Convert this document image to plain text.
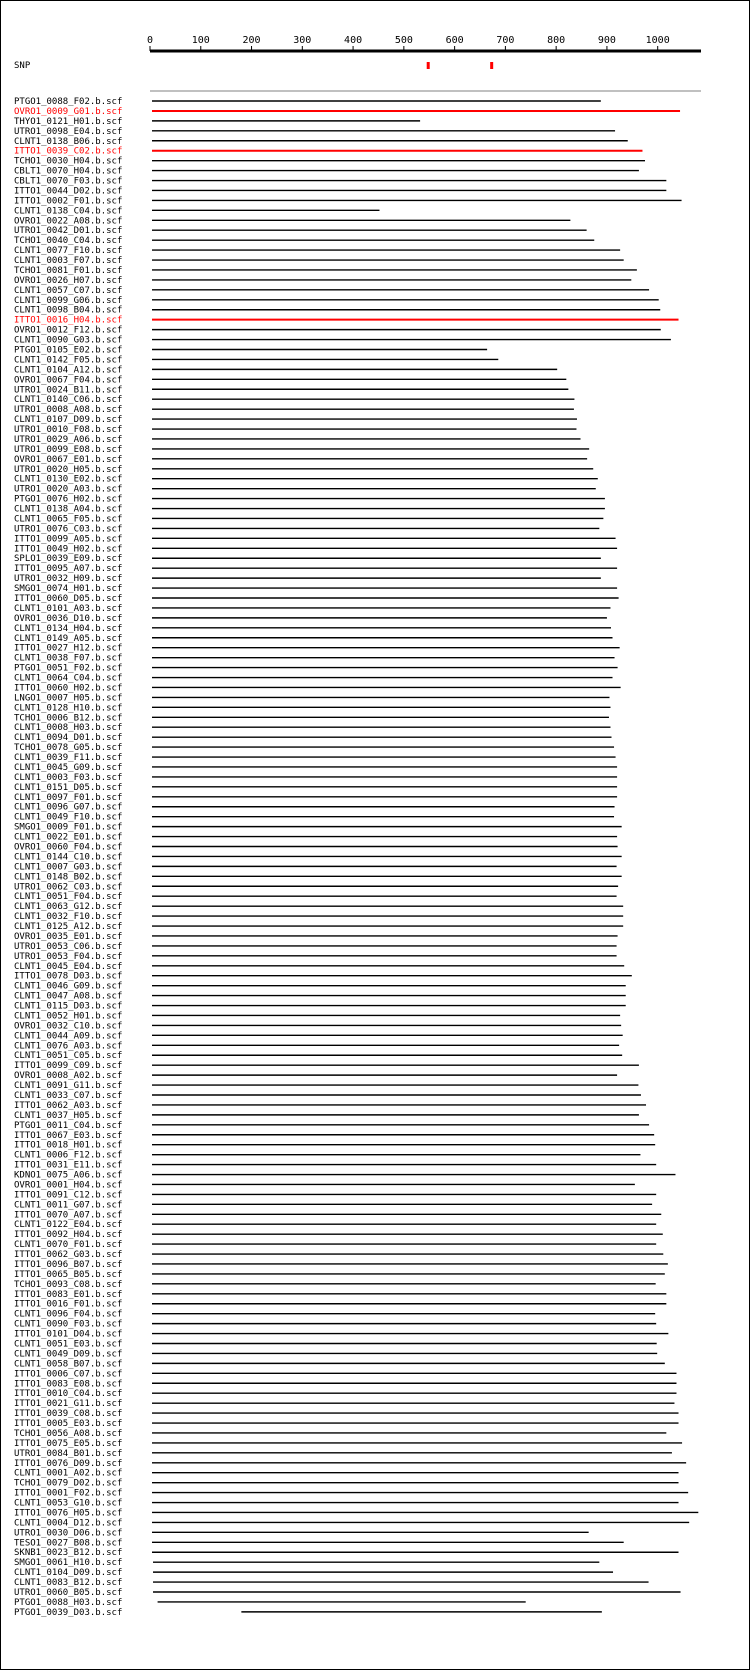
0	100	200	300	400	500	600	700	800	900	1000
SNP
PTGO1_0088_F02.b.scf
OVRO1_0009_G01.b.scf
THYO1_0121_H01.b.scf
UTRO1_0098_E04.b.scf
CLNT1_0138_B06.b.scf
ITTO1_0039_C02.b.scf
TCHO1_0030_H04.b.scf
CBLT1_0070_H04.b.scf
CBLT1_0070_F03.b.scf
ITTO1_0044_D02.b.scf
ITTO1_0002_F01.b.scf
CLNT1_0138_C04.b.scf
OVRO1_0022_A08.b.scf
UTRO1_0042_D01.b.scf
TCHO1_0040_C04.b.scf
CLNT1_0077_F10.b.scf
CLNT1_0003_F07.b.scf
TCHO1_0081_F01.b.scf
OVRO1_0026_H07.b.scf
CLNT1_0057_C07.b.scf
CLNT1_0099_G06.b.scf
CLNT1_0098_B04.b.scf
ITTO1_0016_H04.b.scf
OVRO1_0012_F12.b.scf
CLNT1_0090_G03.b.scf
PTGO1_0105_E02.b.scf
CLNT1_0142_F05.b.scf
CLNT1_0104_A12.b.scf
OVRO1_0067_F04.b.scf
UTRO1_0024_B11.b.scf
CLNT1_0140_C06.b.scf
UTRO1_0008_A08.b.scf
CLNT1_0107_D09.b.scf
UTRO1_0010_F08.b.scf
UTRO1_0029_A06.b.scf
UTRO1_0099_E08.b.scf
OVRO1_0067_E01.b.scf
UTRO1_0020_H05.b.scf
CLNT1_0130_E02.b.scf
UTRO1_0020_A03.b.scf
PTGO1_0076_H02.b.scf
CLNT1_0138_A04.b.scf
CLNT1_0065_F05.b.scf
UTRO1_0076_C03.b.scf
ITTO1_0099_A05.b.scf
ITTO1_0049_H02.b.scf
SPLO1_0039_E09.b.scf
ITTO1_0095_A07.b.scf
UTRO1_0032_H09.b.scf
SMGO1_0074_H01.b.scf
ITTO1_0060_D05.b.scf
CLNT1_0101_A03.b.scf
OVRO1_0036_D10.b.scf
CLNT1_0134_H04.b.scf
CLNT1_0149_A05.b.scf
ITTO1_0027_H12.b.scf
CLNT1_0038_F07.b.scf
PTGO1_0051_F02.b.scf
CLNT1_0064_C04.b.scf
ITTO1_0060_H02.b.scf
LNGO1_0007_H05.b.scf
CLNT1_0128_H10.b.scf
TCHO1_0006_B12.b.scf
CLNT1_0008_H03.b.scf
CLNT1_0094_D01.b.scf
TCHO1_0078_G05.b.scf
CLNT1_0039_F11.b.scf
CLNT1_0045_G09.b.scf
CLNT1_0003_F03.b.scf
CLNT1_0151_D05.b.scf
CLNT1_0097_F01.b.scf
CLNT1_0096_G07.b.scf
CLNT1_0049_F10.b.scf
SMGO1_0009_F01.b.scf
CLNT1_0022_E01.b.scf
OVRO1_0060_F04.b.scf
CLNT1_0144_C10.b.scf
CLNT1_0007_G03.b.scf
CLNT1_0148_B02.b.scf
UTRO1_0062_C03.b.scf
CLNT1_0051_F04.b.scf
CLNT1_0063_G12.b.scf
CLNT1_0032_F10.b.scf
CLNT1_0125_A12.b.scf
OVRO1_0035_E01.b.scf
UTRO1_0053_C06.b.scf
UTRO1_0053_F04.b.scf
CLNT1_0045_E04.b.scf
ITTO1_0078_D03.b.scf
CLNT1_0046_G09.b.scf
CLNT1_0047_A08.b.scf
CLNT1_0115_D03.b.scf
CLNT1_0052_H01.b.scf
OVRO1_0032_C10.b.scf
CLNT1_0044_A09.b.scf
CLNT1_0076_A03.b.scf
CLNT1_0051_C05.b.scf
ITTO1_0099_C09.b.scf
OVRO1_0008_A02.b.scf
CLNT1_0091_G11.b.scf
CLNT1_0033_C07.b.scf
ITTO1_0062_A03.b.scf
CLNT1_0037_H05.b.scf
PTGO1_0011_C04.b.scf
ITTO1_0067_E03.b.scf
ITTO1_0018_H01.b.scf
CLNT1_0006_F12.b.scf
ITTO1_0031_E11.b.scf
KDNO1_0075_A06.b.scf
OVRO1_0001_H04.b.scf
ITTO1_0091_C12.b.scf
CLNT1_0011_G07.b.scf
ITTO1_0070_A07.b.scf
CLNT1_0122_E04.b.scf
ITTO1_0092_H04.b.scf
CLNT1_0070_F01.b.scf
ITTO1_0062_G03.b.scf
ITTO1_0096_B07.b.scf
ITTO1_0065_B05.b.scf
TCHO1_0093_C08.b.scf
ITTO1_0083_E01.b.scf
ITTO1_0016_F01.b.scf
CLNT1_0096_F04.b.scf
CLNT1_0090_F03.b.scf
ITTO1_0101_D04.b.scf
CLNT1_0051_E03.b.scf
CLNT1_0049_D09.b.scf
CLNT1_0058_B07.b.scf
ITTO1_0006_C07.b.scf
ITTO1_0083_E08.b.scf
ITTO1_0010_C04.b.scf
ITTO1_0021_G11.b.scf
ITTO1_0039_C08.b.scf
ITTO1_0005_E03.b.scf
TCHO1_0056_A08.b.scf
ITTO1_0075_E05.b.scf
UTRO1_0084_B01.b.scf
ITTO1_0076_D09.b.scf
CLNT1_0001_A02.b.scf
TCHO1_0079_D02.b.scf
ITTO1_0001_F02.b.scf
CLNT1_0053_G10.b.scf
ITTO1_0076_H05.b.scf
CLNT1_0004_D12.b.scf
UTRO1_0030_D06.b.scf
TESO1_0027_B08.b.scf
SKNB1_0023_B12.b.scf
SMGO1_0061_H10.b.scf
CLNT1_0104_D09.b.scf
CLNT1_0083_B12.b.scf
UTRO1_0060_B05.b.scf
PTGO1_0088_H03.b.scf
PTGO1_0039_D03.b.scf
